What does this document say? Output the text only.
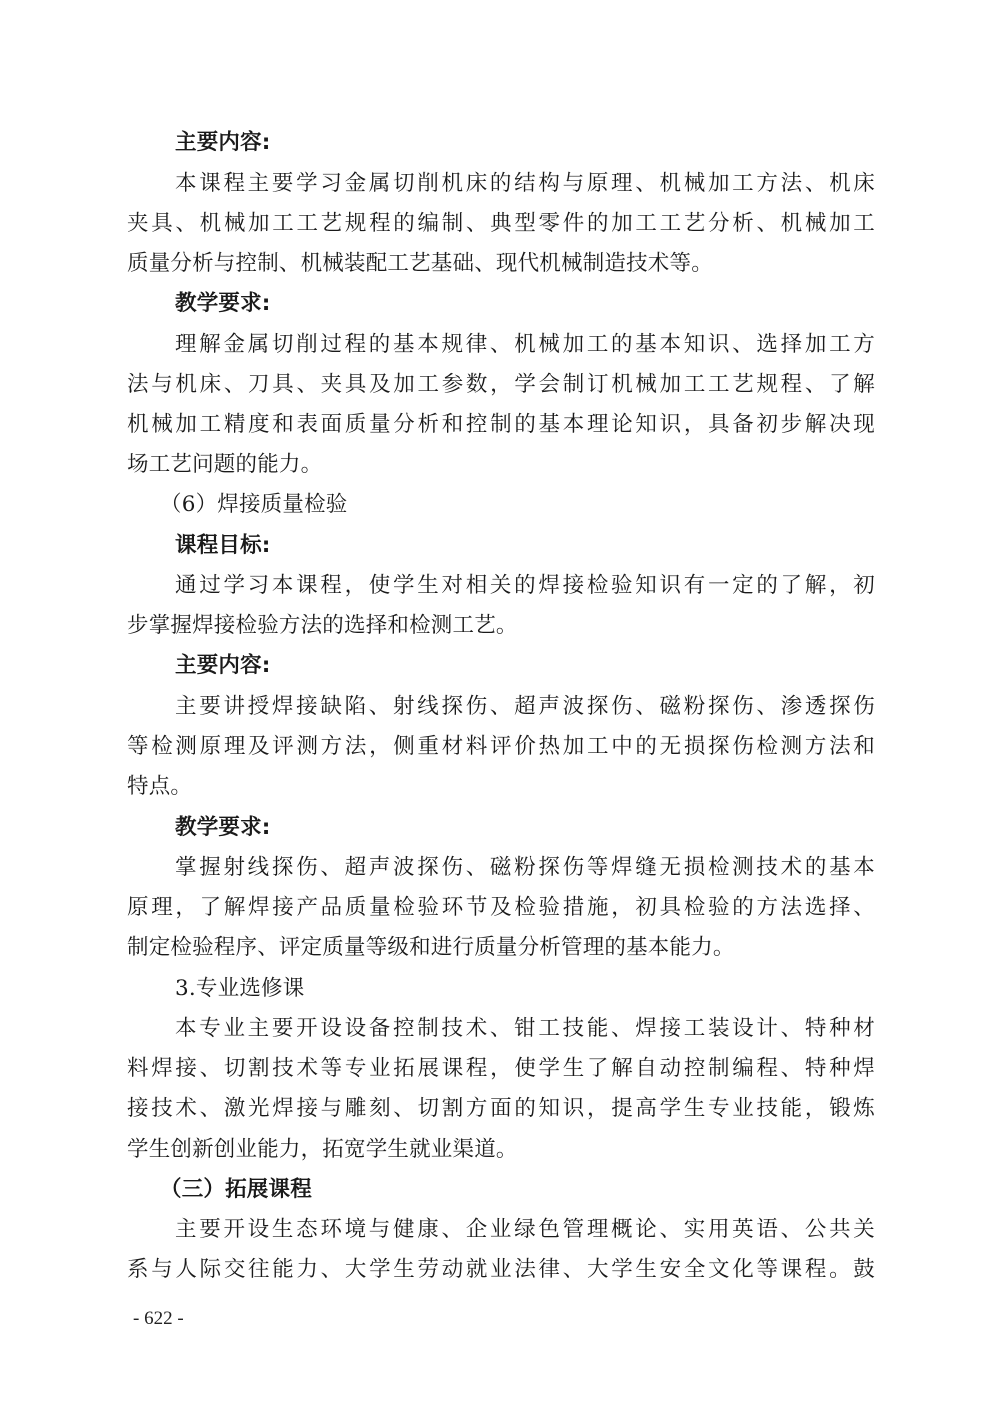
主要内容:
本课程主要学习金属切削机床的结构与原理、机械加工方法、机床
夹具、机械加工工艺规程的编制、典型零件的加工工艺分析、机械加工
质量分析与控制、机械装配工艺基础、现代机械制造技术等。
教学要求:
理解金属切削过程的基本规律、机械加工的基本知识、选择加工方
法与机床、刀具、夹具及加工参数，学会制订机械加工工艺规程、了解
机械加工精度和表面质量分析和控制的基本理论知识，具备初步解决现
场工艺问题的能力。
（6）焊接质量检验
课程目标:
通过学习本课程，使学生对相关的焊接检验知识有一定的了解，初
步掌握焊接检验方法的选择和检测工艺。
主要内容:
主要讲授焊接缺陷、射线探伤、超声波探伤、磁粉探伤、渗透探伤
等检测原理及评测方法，侧重材料评价热加工中的无损探伤检测方法和
特点。
教学要求:
掌握射线探伤、超声波探伤、磁粉探伤等焊缝无损检测技术的基本
原理，了解焊接产品质量检验环节及检验措施，初具检验的方法选择、
制定检验程序、评定质量等级和进行质量分析管理的基本能力。
3.专业选修课
本专业主要开设设备控制技术、钳工技能、焊接工装设计、特种材
料焊接、切割技术等专业拓展课程，使学生了解自动控制编程、特种焊
接技术、激光焊接与雕刻、切割方面的知识，提高学生专业技能，锻炼
学生创新创业能力，拓宽学生就业渠道。
（三）拓展课程
主要开设生态环境与健康、企业绿色管理概论、实用英语、公共关
系与人际交往能力、大学生劳动就业法律、大学生安全文化等课程。鼓
- 622 -
